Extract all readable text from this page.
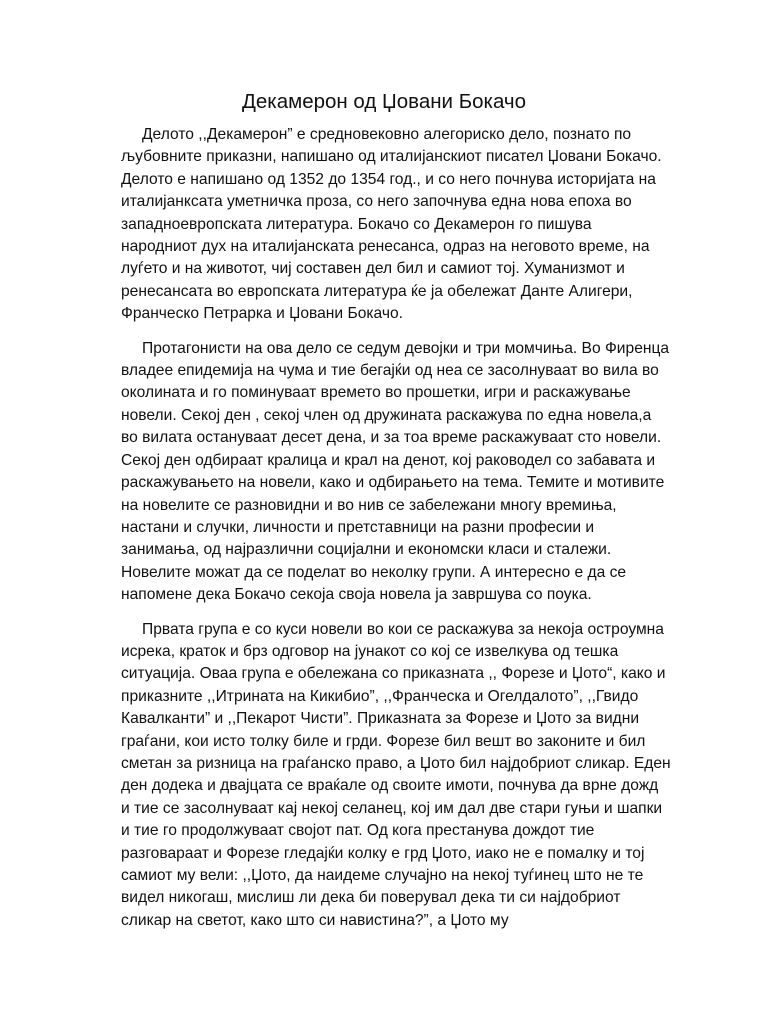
Декамерон од Џовани Бокачо

Делото ,,Декамерон” е средновековно алегориско дело, познато по
љубовните приказни, напишано од италијанскиот писател Џовани Бокачо.
Делото е напишано од 1352 до 1354 год., и со него почнува историјата на
италијанксата уметничка проза, со него започнува една нова епоха во
западноевропската литература. Бокачо со Декамерон го пишува
народниот дух на италијанската ренесанса, одраз на неговото време, на
луѓето и на животот, чиј составен дел бил и самиот тој. Хуманизмот и
ренесансата во европската литература ќе ја обележат Данте Алигери,
Франческо Петрарка и Џовани Бокачо.

Протагонисти на ова дело се седум девојки и три момчиња. Во Фиренца
владее епидемија на чума и тие бегајќи од неа се засолнуваат во вила во
околината и го поминуваат времето во прошетки, игри и раскажување
новели. Секој ден , секој член од дружината раскажува по една новела,а
во вилата остануваат десет дена, и за тоа време раскажуваат сто новели.
Секој ден одбираат кралица и крал на денот, кој раководел со забавата и
раскажувањето на новели, како и одбирањето на тема. Темите и мотивите
на новелите се разновидни и во нив се забележани многу времиња,
настани и случки, личности и претставници на разни професии и
занимања, од најразлични социјални и економски класи и сталежи.
Новелите можат да се поделат во неколку групи. А интересно е да се
напомене дека Бокачо секоја своја новела ја завршува со поука.

Првата група е со куси новели во кои се раскажува за некоја остроумна
исрека, краток и брз одговор на јунакот со кој се извелкува од тешка
ситуација. Оваа група е обележана со приказната ,, Форезе и Џото“, како и
приказните ,,Итрината на Кикибио”, ,,Франческа и Огелдалото”, ,,Гвидо
Кавалканти” и ,,Пекарот Чисти”. Приказната за Форезе и Џото за видни
граѓани, кои исто толку биле и грди. Форезе бил вешт во законите и бил
сметан за ризница на граѓанско право, а Џото бил најдобриот сликар. Еден
ден додека и двајцата се враќале од своите имоти, почнува да врне дожд
и тие се засолнуваат кај некој селанец, кој им дал две стари гуњи и шапки
и тие го продолжуваат својот пат. Од кога престанува дождот тие
разговараат и Форезе гледајќи колку е грд Џото, иако не е помалку и тој
самиот му вели: ,,Џото, да наидеме случајно на некој туѓинец што не те
видел никогаш, мислиш ли дека би поверувал дека ти си најдобриот
сликар на светот, како што си навистина?”, а Џото му
